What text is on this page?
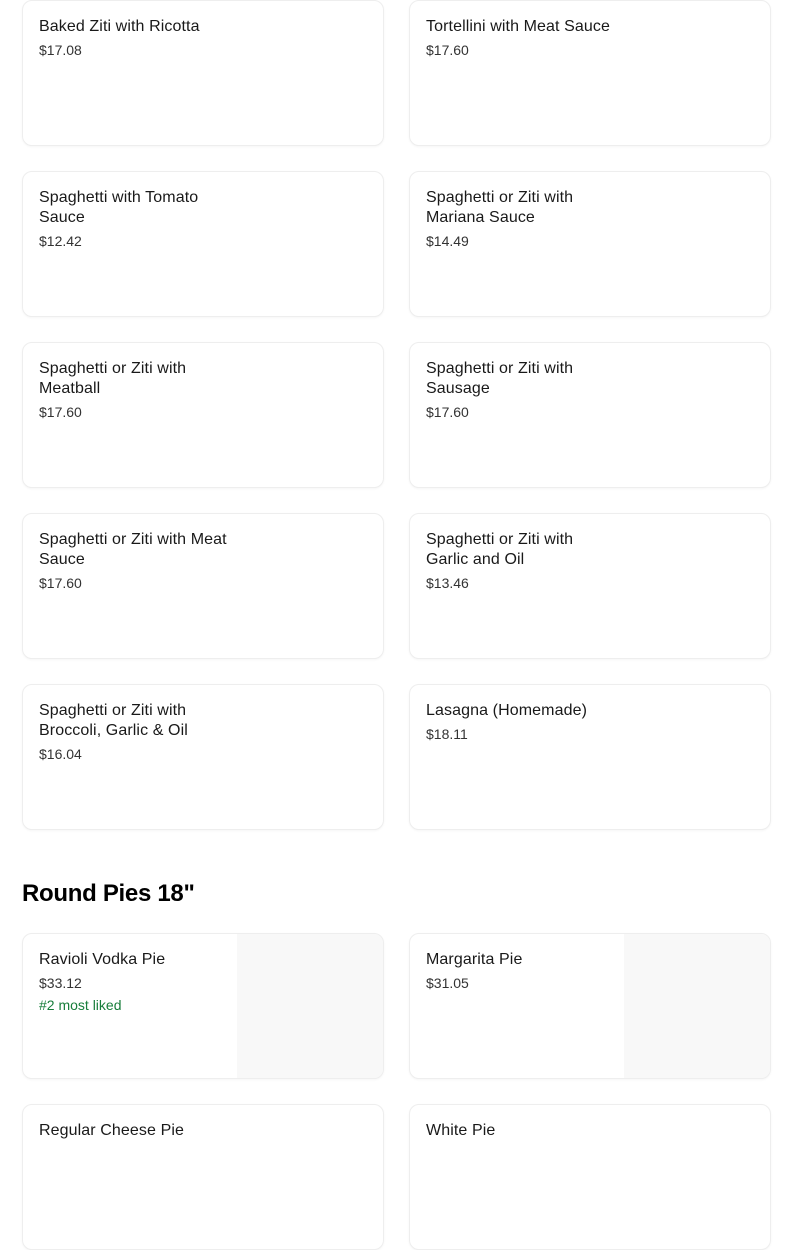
Baked Ziti with Ricotta
$17.08
Tortellini with Meat Sauce
$17.60
Spaghetti with Tomato Sauce
$12.42
Spaghetti or Ziti with Mariana Sauce
$14.49
Spaghetti or Ziti with Meatball
$17.60
Spaghetti or Ziti with Sausage
$17.60
Spaghetti or Ziti with Meat Sauce
$17.60
Spaghetti or Ziti with Garlic and Oil
$13.46
Spaghetti or Ziti with Broccoli, Garlic & Oil
$16.04
Lasagna (Homemade)
$18.11
Round Pies 18"
Ravioli Vodka Pie
$33.12
#2 most liked
Margarita Pie
$31.05
Regular Cheese Pie	White Pie
